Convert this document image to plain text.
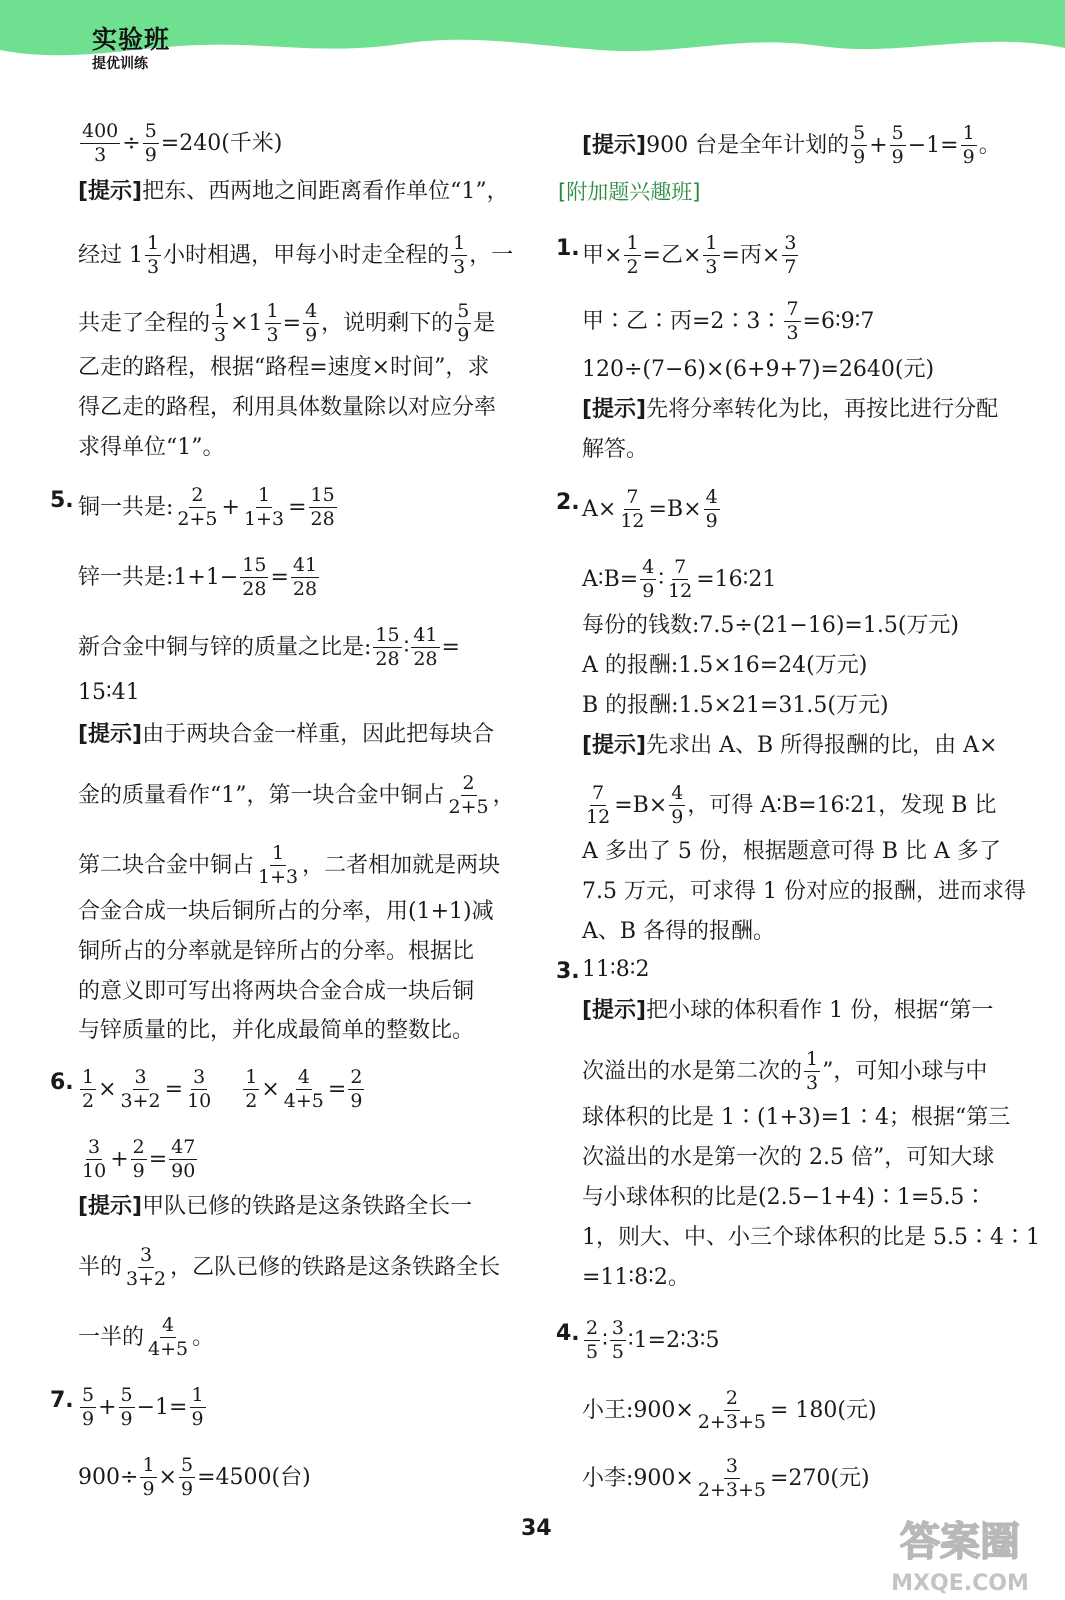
实验班
提优训练
$\frac{400}{3} \div \frac{5}{9} =240$(千米)
[提示]把东、西两地之间距离看作单位“1”，
经过 $1 \frac{1}{3}$ 小时相遇，甲每小时走全程的 $\frac{1}{3}$ ，一
共走了全程的 $\frac{1}{3} \times 1 \frac{1}{3} = \frac{4}{9}$ ，说明剩下的 $\frac{5}{9}$ 是
乙走的路程，根据“路程=速度×时间”，求
得乙走的路程，利用具体数量除以对应分率
求得单位“1”。
5. 铜一共是: $\frac{2}{2+5} + \frac{1}{1+3} = \frac{15}{28}$
锌一共是:1+1− $\frac{15}{28} = \frac{41}{28}$
新合金中铜与锌的质量之比是: $\frac{15}{28}$ ∶ $\frac{41}{28}$ =
15∶41
[提示]由于两块合金一样重，因此把每块合
金的质量看作“1”，第一块合金中铜占 $\frac{2}{2+5}$ ，
第二块合金中铜占 $\frac{1}{1+3}$ ，二者相加就是两块
合金合成一块后铜所占的分率，用(1+1)减
铜所占的分率就是锌所占的分率。根据比
的意义即可写出将两块合金合成一块后铜
与锌质量的比，并化成最简单的整数比。
6. $\frac{1}{2} \times \frac{3}{3+2} = \frac{3}{10} \frac{1}{2} \times \frac{4}{4+5} = \frac{2}{9}$
$\frac{3}{10} + \frac{2}{9} = \frac{47}{90}$
[提示]甲队已修的铁路是这条铁路全长一
半的 $\frac{3}{3+2}$ ，乙队已修的铁路是这条铁路全长
一半的 $\frac{4}{4+5}$ 。
7. $\frac{5}{9} + \frac{5}{9} -1= \frac{1}{9}$
$900\div \frac{1}{9} \times \frac{5}{9} =4500$(台)
[提示]900 台是全年计划的 $\frac{5}{9} + \frac{5}{9} -1= \frac{1}{9}$ 。
[附加题兴趣班]
1. 甲× $\frac{1}{2}$ =乙× $\frac{1}{3}$ =丙× $\frac{3}{7}$
甲∶乙∶丙=2∶3∶ $\frac{7}{3}$ =6∶9∶7
120÷(7−6)×(6+9+7)=2640(元)
[提示]先将分率转化为比，再按比进行分配
解答。
2. $A\times \frac{7}{12} =B\times \frac{4}{9}$
A∶B= $\frac{4}{9}$ ∶ $\frac{7}{12}$ =16∶21
每份的钱数:7.5÷(21−16)=1.5(万元)
A 的报酬:1.5×16=24(万元)
B 的报酬:1.5×21=31.5(万元)
[提示]先求出 A、B 所得报酬的比，由 A×
$\frac{7}{12} =B\times \frac{4}{9}$ ，可得 A∶B=16∶21，发现 B 比
A 多出了 5 份，根据题意可得 B 比 A 多了
7.5 万元，可求得 1 份对应的报酬，进而求得
A、B 各得的报酬。
3. 11∶8∶2
[提示]把小球的体积看作 1 份，根据“第一
次溢出的水是第二次的 $\frac{1}{3}$ ”，可知小球与中
球体积的比是 1∶(1+3)=1∶4；根据“第三
次溢出的水是第一次的 2.5 倍”，可知大球
与小球体积的比是(2.5−1+4)∶1=5.5∶
1，则大、中、小三个球体积的比是 5.5∶4∶1
=11∶8∶2。
4. $\frac{2}{5}$ ∶ $\frac{3}{5}$ ∶1=2∶3∶5
小王:900× $\frac{2}{2+3+5} = 180$(元)
小李:900× $\frac{3}{2+3+5} =270$(元)
34	答案圈
MXQE.COM
